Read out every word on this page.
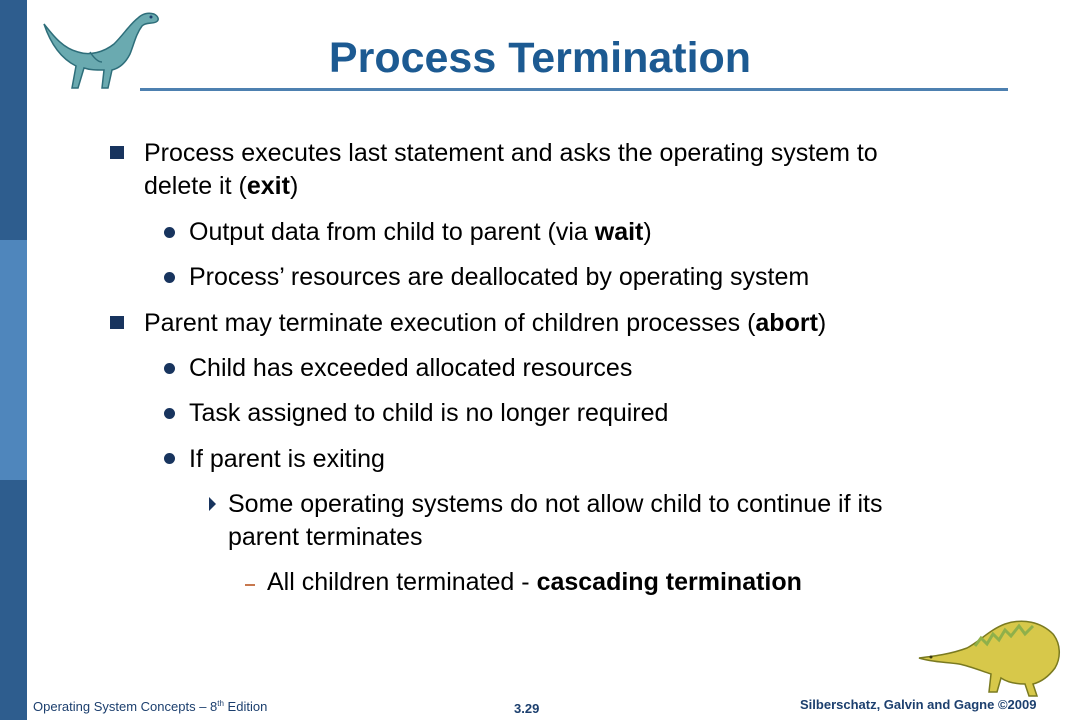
Process Termination
Process executes last statement and asks the operating system to
delete it (exit)
Output data from child to parent (via wait)
Process’ resources are deallocated by operating system
Parent may terminate execution of children processes (abort)
Child has exceeded allocated resources
Task assigned to child is no longer required
If parent is exiting
Some operating systems do not allow child to continue if its
parent terminates
All children terminated - cascading termination
Operating System Concepts – 8th Edition	3.29	Silberschatz, Galvin and Gagne ©2009
